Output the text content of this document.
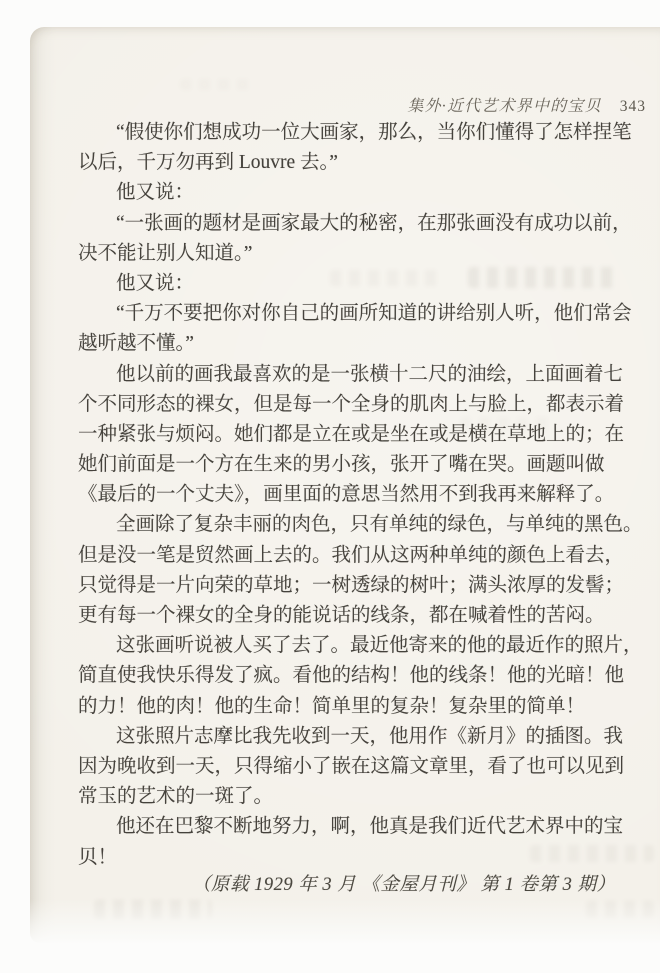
集外·近代艺术界中的宝贝 343
“假使你们想成功一位大画家，那么，当你们懂得了怎样捏笔
以后，千万勿再到 Louvre 去。”
他又说：
“一张画的题材是画家最大的秘密，在那张画没有成功以前，
决不能让别人知道。”
他又说：
“千万不要把你对你自己的画所知道的讲给别人听，他们常会
越听越不懂。”
他以前的画我最喜欢的是一张横十二尺的油绘，上面画着七
个不同形态的裸女，但是每一个全身的肌肉上与脸上，都表示着
一种紧张与烦闷。她们都是立在或是坐在或是横在草地上的；在
她们前面是一个方在生来的男小孩，张开了嘴在哭。画题叫做
《最后的一个丈夫》，画里面的意思当然用不到我再来解释了。
全画除了复杂丰丽的肉色，只有单纯的绿色，与单纯的黑色。
但是没一笔是贸然画上去的。我们从这两种单纯的颜色上看去，
只觉得是一片向荣的草地；一树透绿的树叶；满头浓厚的发髻；
更有每一个裸女的全身的能说话的线条，都在喊着性的苦闷。
这张画听说被人买了去了。最近他寄来的他的最近作的照片，
简直使我快乐得发了疯。看他的结构！他的线条！他的光暗！他
的力！他的肉！他的生命！简单里的复杂！复杂里的简单！
这张照片志摩比我先收到一天，他用作《新月》的插图。我
因为晚收到一天，只得缩小了嵌在这篇文章里，看了也可以见到
常玉的艺术的一斑了。
他还在巴黎不断地努力，啊，他真是我们近代艺术界中的宝
贝！
（原载 1929 年 3 月 《金屋月刊》 第 1 卷第 3 期）
